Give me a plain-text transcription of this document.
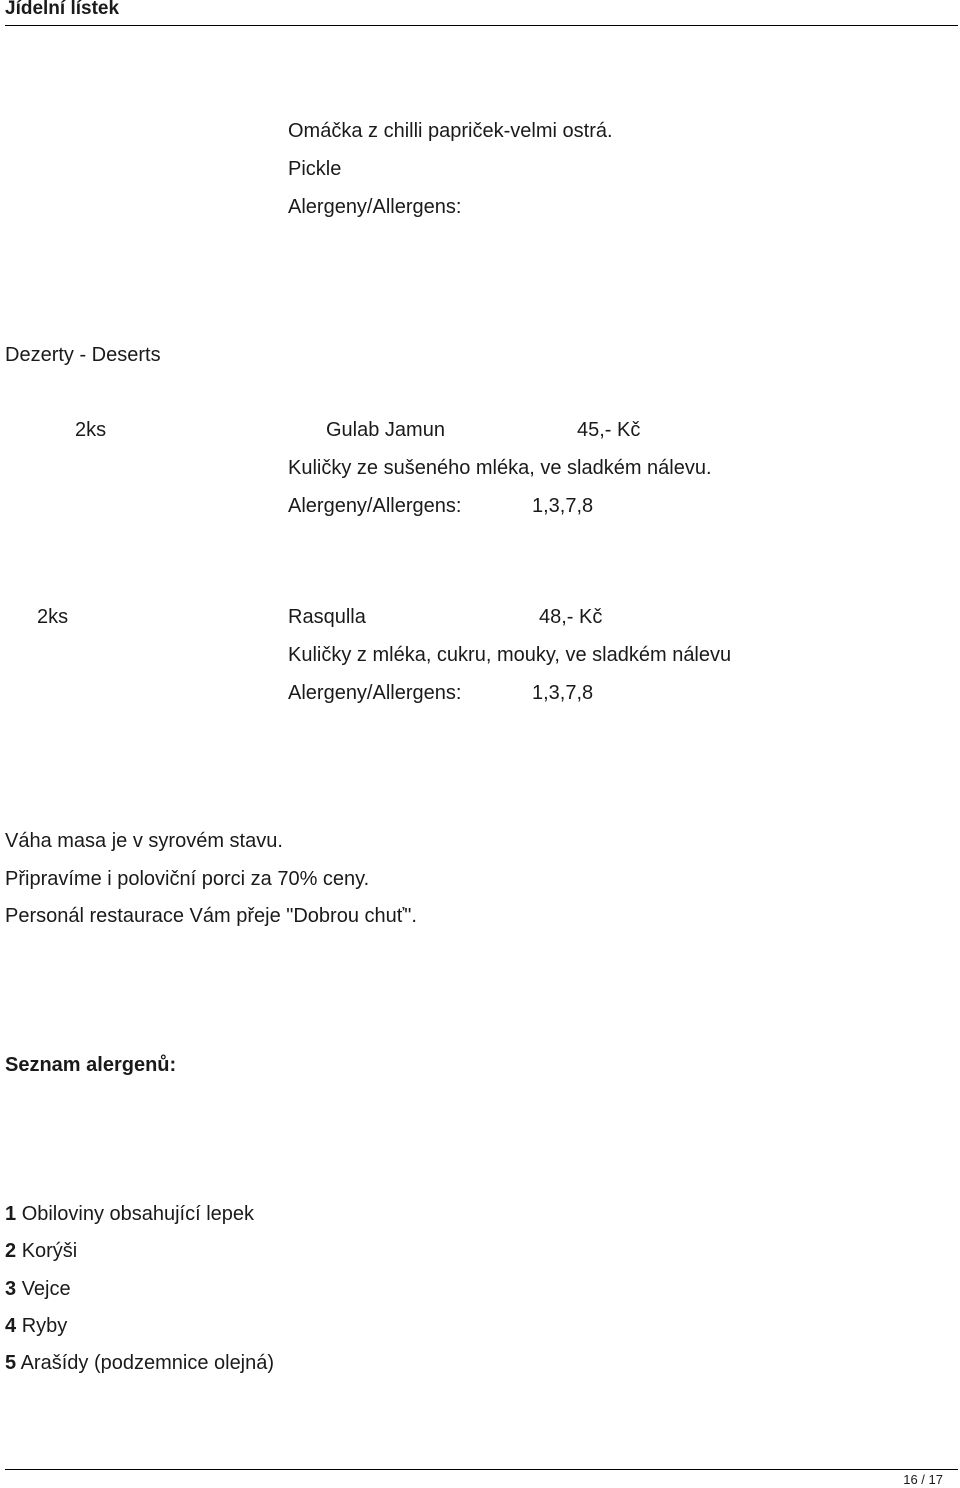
Jídelní lístek
Omáčka z chilli papriček-velmi ostrá.
Pickle
Alergeny/Allergens:
Dezerty - Deserts
2ks	Gulab Jamun	45,- Kč
Kuličky ze sušeného mléka, ve sladkém nálevu.
Alergeny/Allergens:	1,3,7,8
2ks	Rasqulla	48,- Kč
Kuličky z mléka, cukru, mouky, ve sladkém nálevu
Alergeny/Allergens:	1,3,7,8
Váha masa je v syrovém stavu.
Připravíme i poloviční porci za 70% ceny.
Personál restaurace Vám přeje "Dobrou chuť".
Seznam alergenů:
1 Obiloviny obsahující lepek
2 Korýši
3 Vejce
4 Ryby
5 Arašídy (podzemnice olejná)
16 / 17
